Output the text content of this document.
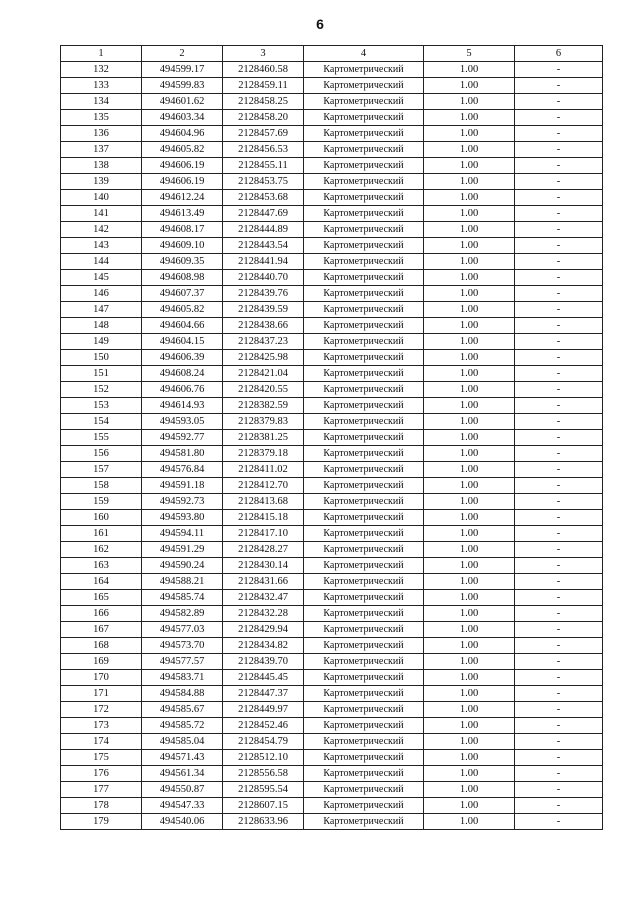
6
1	2	3	4	5	6
132	494599.17	2128460.58	Картометрический	1.00	-
133	494599.83	2128459.11	Картометрический	1.00	-
134	494601.62	2128458.25	Картометрический	1.00	-
135	494603.34	2128458.20	Картометрический	1.00	-
136	494604.96	2128457.69	Картометрический	1.00	-
137	494605.82	2128456.53	Картометрический	1.00	-
138	494606.19	2128455.11	Картометрический	1.00	-
139	494606.19	2128453.75	Картометрический	1.00	-
140	494612.24	2128453.68	Картометрический	1.00	-
141	494613.49	2128447.69	Картометрический	1.00	-
142	494608.17	2128444.89	Картометрический	1.00	-
143	494609.10	2128443.54	Картометрический	1.00	-
144	494609.35	2128441.94	Картометрический	1.00	-
145	494608.98	2128440.70	Картометрический	1.00	-
146	494607.37	2128439.76	Картометрический	1.00	-
147	494605.82	2128439.59	Картометрический	1.00	-
148	494604.66	2128438.66	Картометрический	1.00	-
149	494604.15	2128437.23	Картометрический	1.00	-
150	494606.39	2128425.98	Картометрический	1.00	-
151	494608.24	2128421.04	Картометрический	1.00	-
152	494606.76	2128420.55	Картометрический	1.00	-
153	494614.93	2128382.59	Картометрический	1.00	-
154	494593.05	2128379.83	Картометрический	1.00	-
155	494592.77	2128381.25	Картометрический	1.00	-
156	494581.80	2128379.18	Картометрический	1.00	-
157	494576.84	2128411.02	Картометрический	1.00	-
158	494591.18	2128412.70	Картометрический	1.00	-
159	494592.73	2128413.68	Картометрический	1.00	-
160	494593.80	2128415.18	Картометрический	1.00	-
161	494594.11	2128417.10	Картометрический	1.00	-
162	494591.29	2128428.27	Картометрический	1.00	-
163	494590.24	2128430.14	Картометрический	1.00	-
164	494588.21	2128431.66	Картометрический	1.00	-
165	494585.74	2128432.47	Картометрический	1.00	-
166	494582.89	2128432.28	Картометрический	1.00	-
167	494577.03	2128429.94	Картометрический	1.00	-
168	494573.70	2128434.82	Картометрический	1.00	-
169	494577.57	2128439.70	Картометрический	1.00	-
170	494583.71	2128445.45	Картометрический	1.00	-
171	494584.88	2128447.37	Картометрический	1.00	-
172	494585.67	2128449.97	Картометрический	1.00	-
173	494585.72	2128452.46	Картометрический	1.00	-
174	494585.04	2128454.79	Картометрический	1.00	-
175	494571.43	2128512.10	Картометрический	1.00	-
176	494561.34	2128556.58	Картометрический	1.00	-
177	494550.87	2128595.54	Картометрический	1.00	-
178	494547.33	2128607.15	Картометрический	1.00	-
179	494540.06	2128633.96	Картометрический	1.00	-
